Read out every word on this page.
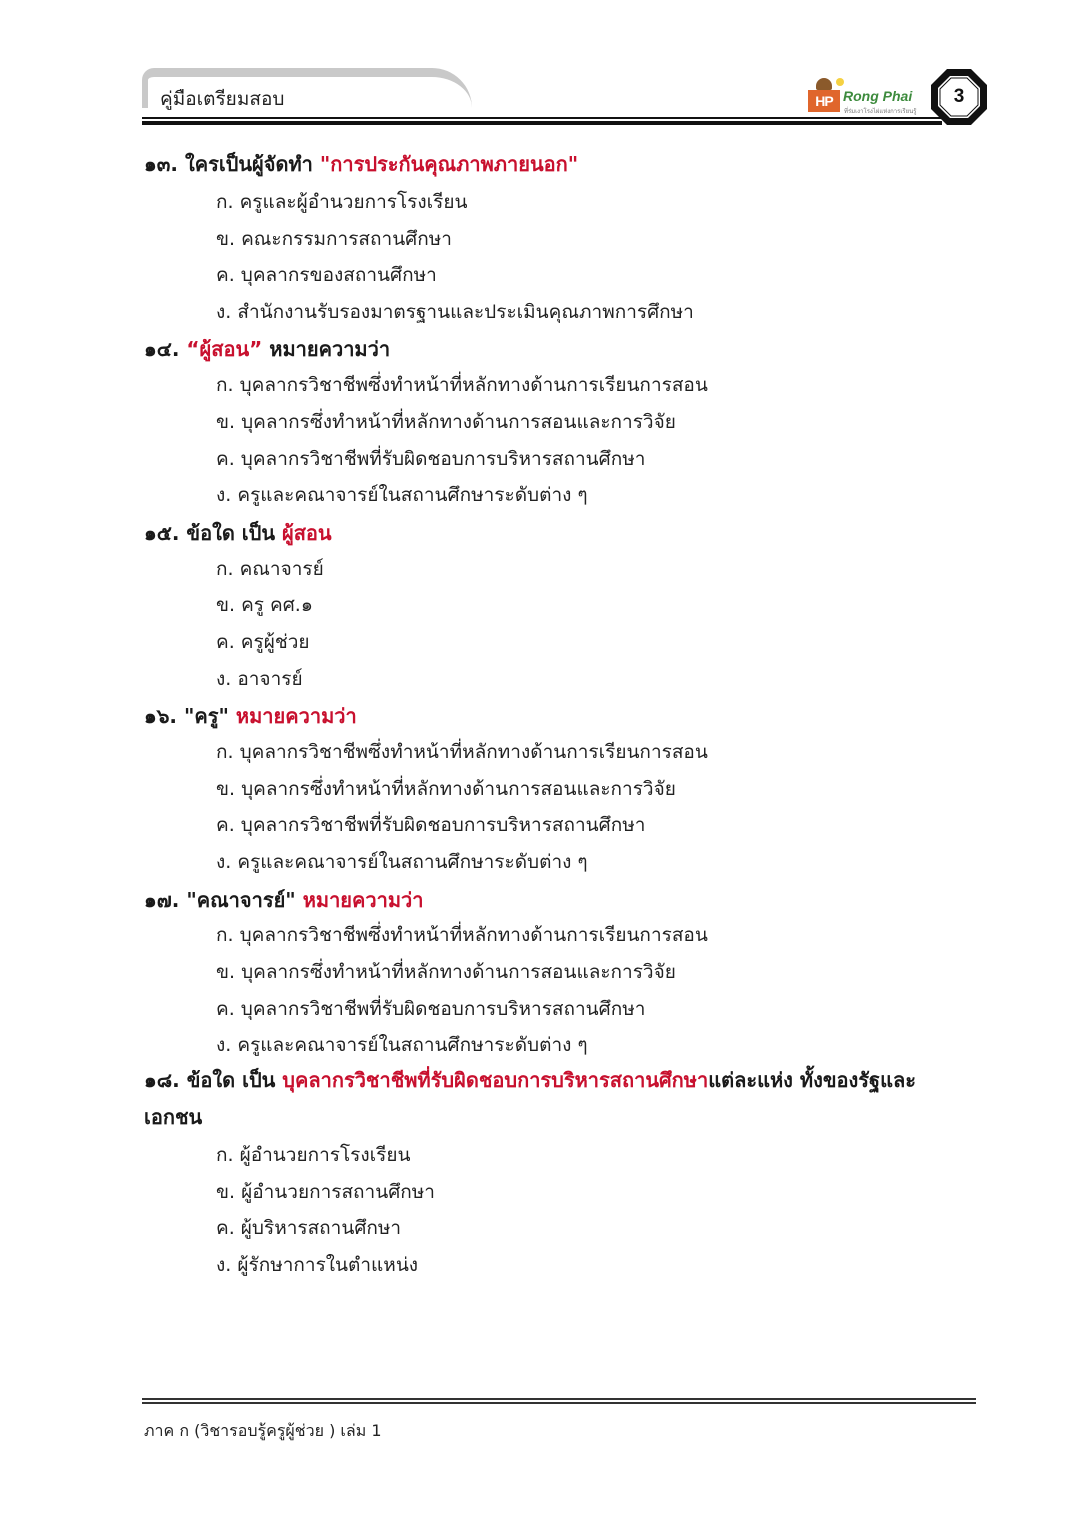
คู่มือเตรียมสอบ	HP Rong Phai
ที่ร่มเงาโรงไผ่แห่งการเรียนรู้
3
๑๓. ใครเป็นผู้จัดทำ "การประกันคุณภาพภายนอก"
ก. ครูและผู้อำนวยการโรงเรียน
ข. คณะกรรมการสถานศึกษา
ค. บุคลากรของสถานศึกษา
ง. สำนักงานรับรองมาตรฐานและประเมินคุณภาพการศึกษา
๑๔. “ผู้สอน” หมายความว่า
ก. บุคลากรวิชาชีพซึ่งทำหน้าที่หลักทางด้านการเรียนการสอน
ข. บุคลากรซึ่งทำหน้าที่หลักทางด้านการสอนและการวิจัย
ค. บุคลากรวิชาชีพที่รับผิดชอบการบริหารสถานศึกษา
ง. ครูและคณาจารย์ในสถานศึกษาระดับต่าง ๆ
๑๕. ข้อใด เป็น ผู้สอน
ก. คณาจารย์
ข. ครู คศ.๑
ค. ครูผู้ช่วย
ง. อาจารย์
๑๖. "ครู" หมายความว่า
ก. บุคลากรวิชาชีพซึ่งทำหน้าที่หลักทางด้านการเรียนการสอน
ข. บุคลากรซึ่งทำหน้าที่หลักทางด้านการสอนและการวิจัย
ค. บุคลากรวิชาชีพที่รับผิดชอบการบริหารสถานศึกษา
ง. ครูและคณาจารย์ในสถานศึกษาระดับต่าง ๆ
๑๗. "คณาจารย์" หมายความว่า
ก. บุคลากรวิชาชีพซึ่งทำหน้าที่หลักทางด้านการเรียนการสอน
ข. บุคลากรซึ่งทำหน้าที่หลักทางด้านการสอนและการวิจัย
ค. บุคลากรวิชาชีพที่รับผิดชอบการบริหารสถานศึกษา
ง. ครูและคณาจารย์ในสถานศึกษาระดับต่าง ๆ
๑๘. ข้อใด เป็น บุคลากรวิชาชีพที่รับผิดชอบการบริหารสถานศึกษาแต่ละแห่ง ทั้งของรัฐและเอกชน
ก. ผู้อำนวยการโรงเรียน
ข. ผู้อำนวยการสถานศึกษา
ค. ผู้บริหารสถานศึกษา
ง. ผู้รักษาการในตำแหน่ง
ภาค ก (วิชารอบรู้ครูผู้ช่วย ) เล่ม 1
